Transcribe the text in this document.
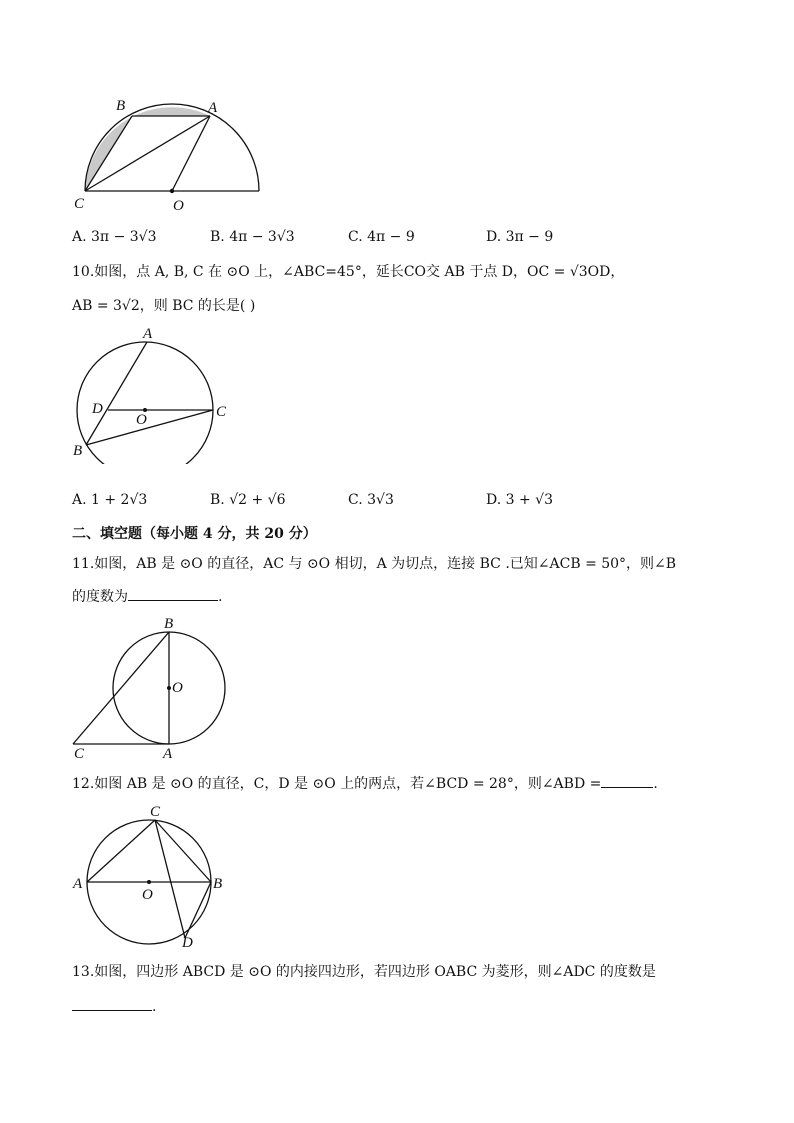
B	A
C	O
A. 3π − 3√3	B. 4π − 3√3	C. 4π − 9	D. 3π − 9
10.如图，点 A, B, C 在 ⊙O 上，∠ABC=45°，延长CO交 AB 于点 D，OC = √3OD，
AB = 3√2，则 BC 的长是( )
A
D
O	C
B
A. 1 + 2√3	B. √2 + √6	C. 3√3	D. 3 + √3
二、填空题（每小题 4 分，共 20 分）
11.如图，AB 是 ⊙O 的直径，AC 与 ⊙O 相切，A 为切点，连接 BC .已知∠ACB = 50°，则∠B
的度数为	.
B
O
C	A
12.如图 AB 是 ⊙O 的直径，C，D 是 ⊙O 上的两点，若∠BCD = 28°，则∠ABD =	.
C
A
O
B
D
13.如图，四边形 ABCD 是 ⊙O 的内接四边形，若四边形 OABC 为菱形，则∠ADC 的度数是
.
